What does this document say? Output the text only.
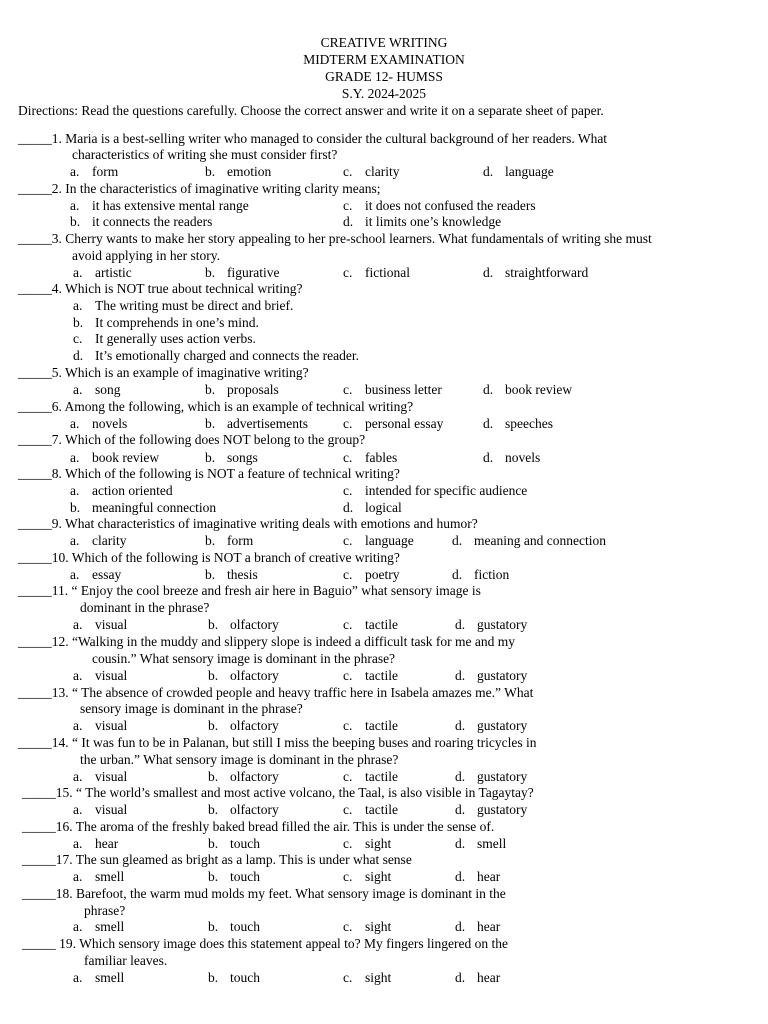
CREATIVE WRITING
MIDTERM EXAMINATION
GRADE 12- HUMSS
S.Y. 2024-2025
Directions: Read the questions carefully. Choose the correct answer and write it on a separate sheet of paper.
_____1. Maria is a best-selling writer who managed to consider the cultural background of her readers. What
characteristics of writing she must consider first?
a. form	b. emotion	c. clarity	d. language
_____2. In the characteristics of imaginative writing clarity means;
a. it has extensive mental range	c. it does not confused the readers
b. it connects the readers	d. it limits one’s knowledge
_____3. Cherry wants to make her story appealing to her pre-school learners. What fundamentals of writing she must
avoid applying in her story.
a. artistic	b. figurative	c. fictional	d. straightforward
_____4. Which is NOT true about technical writing?
a. The writing must be direct and brief.
b. It comprehends in one’s mind.
c. It generally uses action verbs.
d. It’s emotionally charged and connects the reader.
_____5. Which is an example of imaginative writing?
a. song	b. proposals	c. business letter	d. book review
_____6. Among the following, which is an example of technical writing?
a. novels	b. advertisements	c. personal essay	d. speeches
_____7. Which of the following does NOT belong to the group?
a. book review	b. songs	c. fables	d. novels
_____8. Which of the following is NOT a feature of technical writing?
a. action oriented	c. intended for specific audience
b. meaningful connection	d. logical
_____9. What characteristics of imaginative writing deals with emotions and humor?
a. clarity	b. form	c. language	d. meaning and connection
_____10. Which of the following is NOT a branch of creative writing?
a. essay	b. thesis	c. poetry	d. fiction
_____11. “ Enjoy the cool breeze and fresh air here in Baguio” what sensory image is
dominant in the phrase?
a. visual	b. olfactory	c. tactile	d. gustatory
_____12. “Walking in the muddy and slippery slope is indeed a difficult task for me and my
cousin.” What sensory image is dominant in the phrase?
a. visual	b. olfactory	c. tactile	d. gustatory
_____13. “ The absence of crowded people and heavy traffic here in Isabela amazes me.” What
sensory image is dominant in the phrase?
a. visual	b. olfactory	c. tactile	d. gustatory
_____14. “ It was fun to be in Palanan, but still I miss the beeping buses and roaring tricycles in
the urban.” What sensory image is dominant in the phrase?
a. visual	b. olfactory	c. tactile	d. gustatory
_____15. “ The world’s smallest and most active volcano, the Taal, is also visible in Tagaytay?
a. visual	b. olfactory	c. tactile	d. gustatory
_____16. The aroma of the freshly baked bread filled the air. This is under the sense of.
a. hear	b. touch	c. sight	d. smell
_____17. The sun gleamed as bright as a lamp. This is under what sense
a. smell	b. touch	c. sight	d. hear
_____18. Barefoot, the warm mud molds my feet. What sensory image is dominant in the
phrase?
a. smell	b. touch	c. sight	d. hear
_____ 19. Which sensory image does this statement appeal to? My fingers lingered on the
familiar leaves.
a. smell	b. touch	c. sight	d. hear
